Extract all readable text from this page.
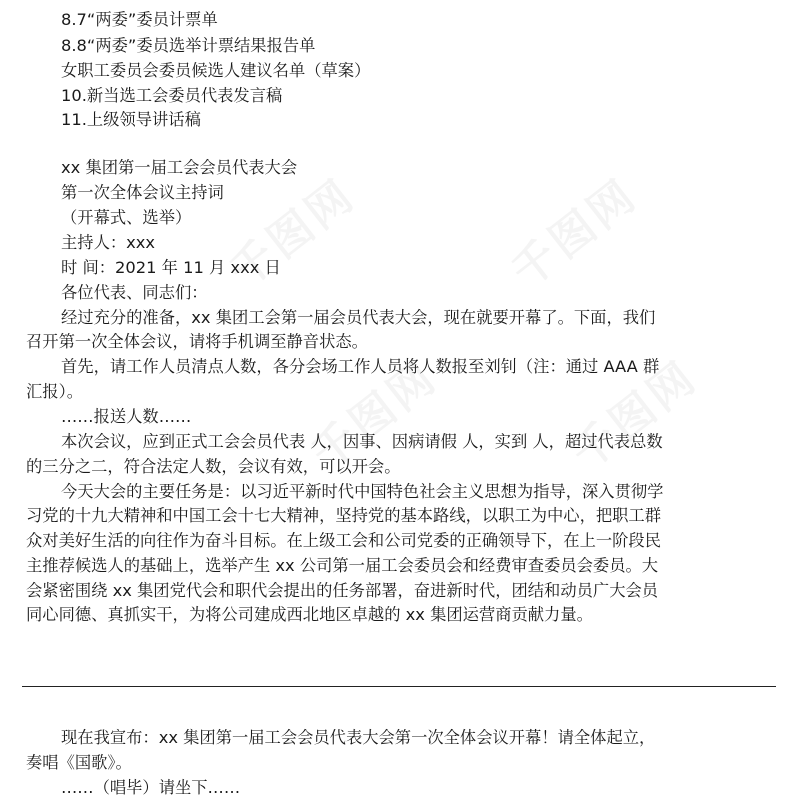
千图网	千图网
千图网	千图网
8.7“两委”委员计票单
8.8“两委”委员选举计票结果报告单
女职工委员会委员候选人建议名单（草案）
10.新当选工会委员代表发言稿
11.上级领导讲话稿
xx 集团第一届工会会员代表大会
第一次全体会议主持词
（开幕式、选举）
主持人：xxx
时 间：2021 年 11 月 xxx 日
各位代表、同志们：
经过充分的准备，xx 集团工会第一届会员代表大会，现在就要开幕了。下面，我们
召开第一次全体会议，请将手机调至静音状态。
首先，请工作人员清点人数，各分会场工作人员将人数报至刘钊（注：通过 AAA 群
汇报）。
……报送人数……
本次会议，应到正式工会会员代表 人，因事、因病请假 人，实到 人，超过代表总数
的三分之二，符合法定人数，会议有效，可以开会。
今天大会的主要任务是：以习近平新时代中国特色社会主义思想为指导，深入贯彻学
习党的十九大精神和中国工会十七大精神，坚持党的基本路线，以职工为中心，把职工群
众对美好生活的向往作为奋斗目标。在上级工会和公司党委的正确领导下，在上一阶段民
主推荐候选人的基础上，选举产生 xx 公司第一届工会委员会和经费审查委员会委员。大
会紧密围绕 xx 集团党代会和职代会提出的任务部署，奋进新时代，团结和动员广大会员
同心同德、真抓实干，为将公司建成西北地区卓越的 xx 集团运营商贡献力量。
现在我宣布：xx 集团第一届工会会员代表大会第一次全体会议开幕！请全体起立，
奏唱《国歌》。
……（唱毕）请坐下……
